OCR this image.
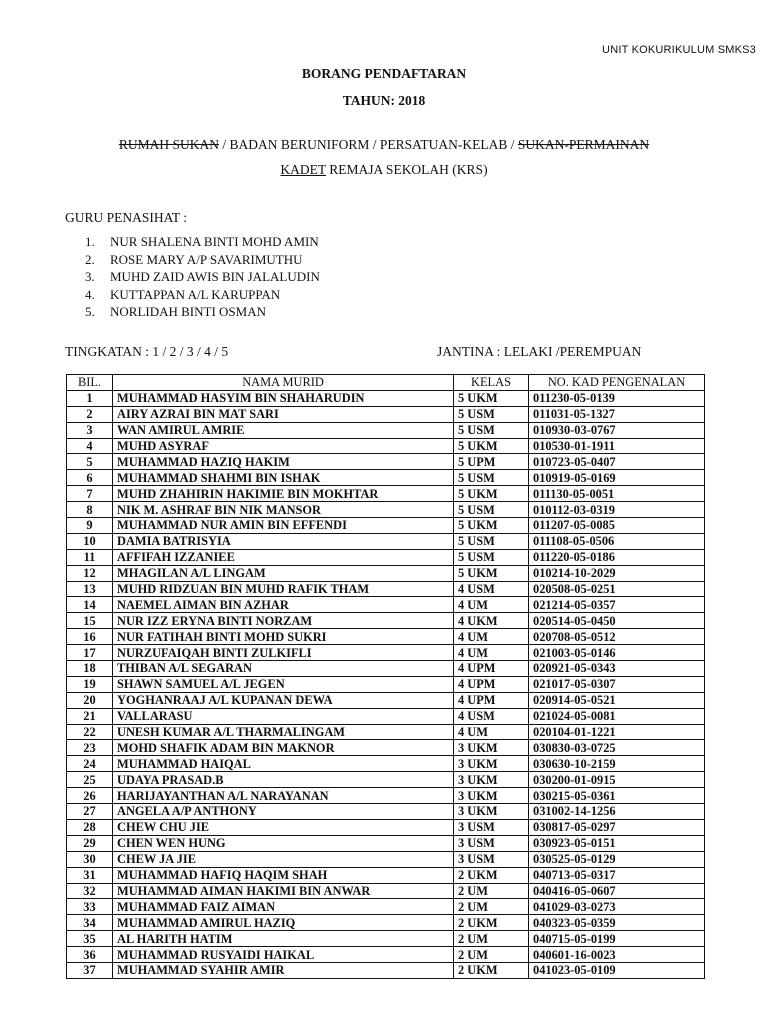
UNIT KOKURIKULUM SMKS3
BORANG PENDAFTARAN
TAHUN: 2018
RUMAH SUKAN / BADAN BERUNIFORM / PERSATUAN-KELAB / SUKAN-PERMAINAN
KADET REMAJA SEKOLAH (KRS)
GURU PENASIHAT :
1.	NUR SHALENA BINTI MOHD AMIN
2.	ROSE MARY A/P SAVARIMUTHU
3.	MUHD ZAID AWIS BIN JALALUDIN
4.	KUTTAPPAN A/L KARUPPAN
5.	NORLIDAH BINTI OSMAN
TINGKATAN : 1 / 2 / 3 / 4 / 5	JANTINA : LELAKI /PEREMPUAN
BIL.	NAMA MURID	KELAS	NO. KAD PENGENALAN
1	MUHAMMAD HASYIM BIN SHAHARUDIN	5 UKM	011230-05-0139
2	AIRY AZRAI BIN MAT SARI	5 USM	011031-05-1327
3	WAN AMIRUL AMRIE	5 USM	010930-03-0767
4	MUHD ASYRAF	5 UKM	010530-01-1911
5	MUHAMMAD HAZIQ HAKIM	5 UPM	010723-05-0407
6	MUHAMMAD SHAHMI BIN ISHAK	5 USM	010919-05-0169
7	MUHD ZHAHIRIN HAKIMIE BIN MOKHTAR	5 UKM	011130-05-0051
8	NIK M. ASHRAF BIN NIK MANSOR	5 USM	010112-03-0319
9	MUHAMMAD NUR AMIN BIN EFFENDI	5 UKM	011207-05-0085
10	DAMIA BATRISYIA	5 USM	011108-05-0506
11	AFFIFAH IZZANIEE	5 USM	011220-05-0186
12	MHAGILAN A/L LINGAM	5 UKM	010214-10-2029
13	MUHD RIDZUAN BIN MUHD RAFIK THAM	4 USM	020508-05-0251
14	NAEMEL AIMAN BIN AZHAR	4 UM	021214-05-0357
15	NUR IZZ ERYNA BINTI NORZAM	4 UKM	020514-05-0450
16	NUR FATIHAH BINTI MOHD SUKRI	4 UM	020708-05-0512
17	NURZUFAIQAH BINTI ZULKIFLI	4 UM	021003-05-0146
18	THIBAN A/L SEGARAN	4 UPM	020921-05-0343
19	SHAWN SAMUEL A/L JEGEN	4 UPM	021017-05-0307
20	YOGHANRAAJ A/L KUPANAN DEWA	4 UPM	020914-05-0521
21	VALLARASU	4 USM	021024-05-0081
22	UNESH KUMAR A/L THARMALINGAM	4 UM	020104-01-1221
23	MOHD SHAFIK ADAM BIN MAKNOR	3 UKM	030830-03-0725
24	MUHAMMAD HAIQAL	3 UKM	030630-10-2159
25	UDAYA PRASAD.B	3 UKM	030200-01-0915
26	HARIJAYANTHAN A/L NARAYANAN	3 UKM	030215-05-0361
27	ANGELA A/P ANTHONY	3 UKM	031002-14-1256
28	CHEW CHU JIE	3 USM	030817-05-0297
29	CHEN WEN HUNG	3 USM	030923-05-0151
30	CHEW JA JIE	3 USM	030525-05-0129
31	MUHAMMAD HAFIQ HAQIM SHAH	2 UKM	040713-05-0317
32	MUHAMMAD AIMAN HAKIMI BIN ANWAR	2 UM	040416-05-0607
33	MUHAMMAD FAIZ AIMAN	2 UM	041029-03-0273
34	MUHAMMAD AMIRUL HAZIQ	2 UKM	040323-05-0359
35	AL HARITH HATIM	2 UM	040715-05-0199
36	MUHAMMAD RUSYAIDI HAIKAL	2 UM	040601-16-0023
37	MUHAMMAD SYAHIR AMIR	2 UKM	041023-05-0109
